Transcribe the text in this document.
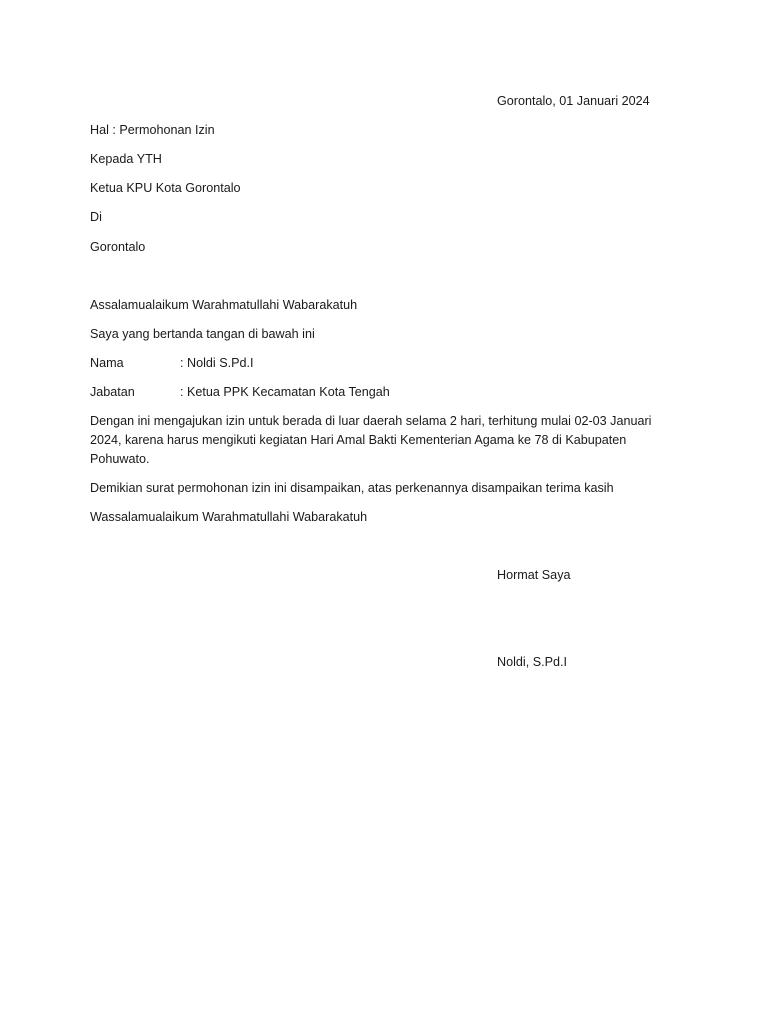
Gorontalo, 01 Januari 2024
Hal : Permohonan Izin
Kepada YTH
Ketua KPU Kota Gorontalo
Di
Gorontalo
Assalamualaikum Warahmatullahi Wabarakatuh
Saya yang bertanda tangan di bawah ini
Nama	: Noldi S.Pd.I
Jabatan	: Ketua PPK Kecamatan Kota Tengah
Dengan ini mengajukan izin untuk berada di luar daerah selama 2 hari, terhitung mulai 02-03 Januari
2024, karena harus mengikuti kegiatan Hari Amal Bakti Kementerian Agama ke 78 di Kabupaten
Pohuwato.
Demikian surat permohonan izin ini disampaikan, atas perkenannya disampaikan terima kasih
Wassalamualaikum Warahmatullahi Wabarakatuh
Hormat Saya
Noldi, S.Pd.I
